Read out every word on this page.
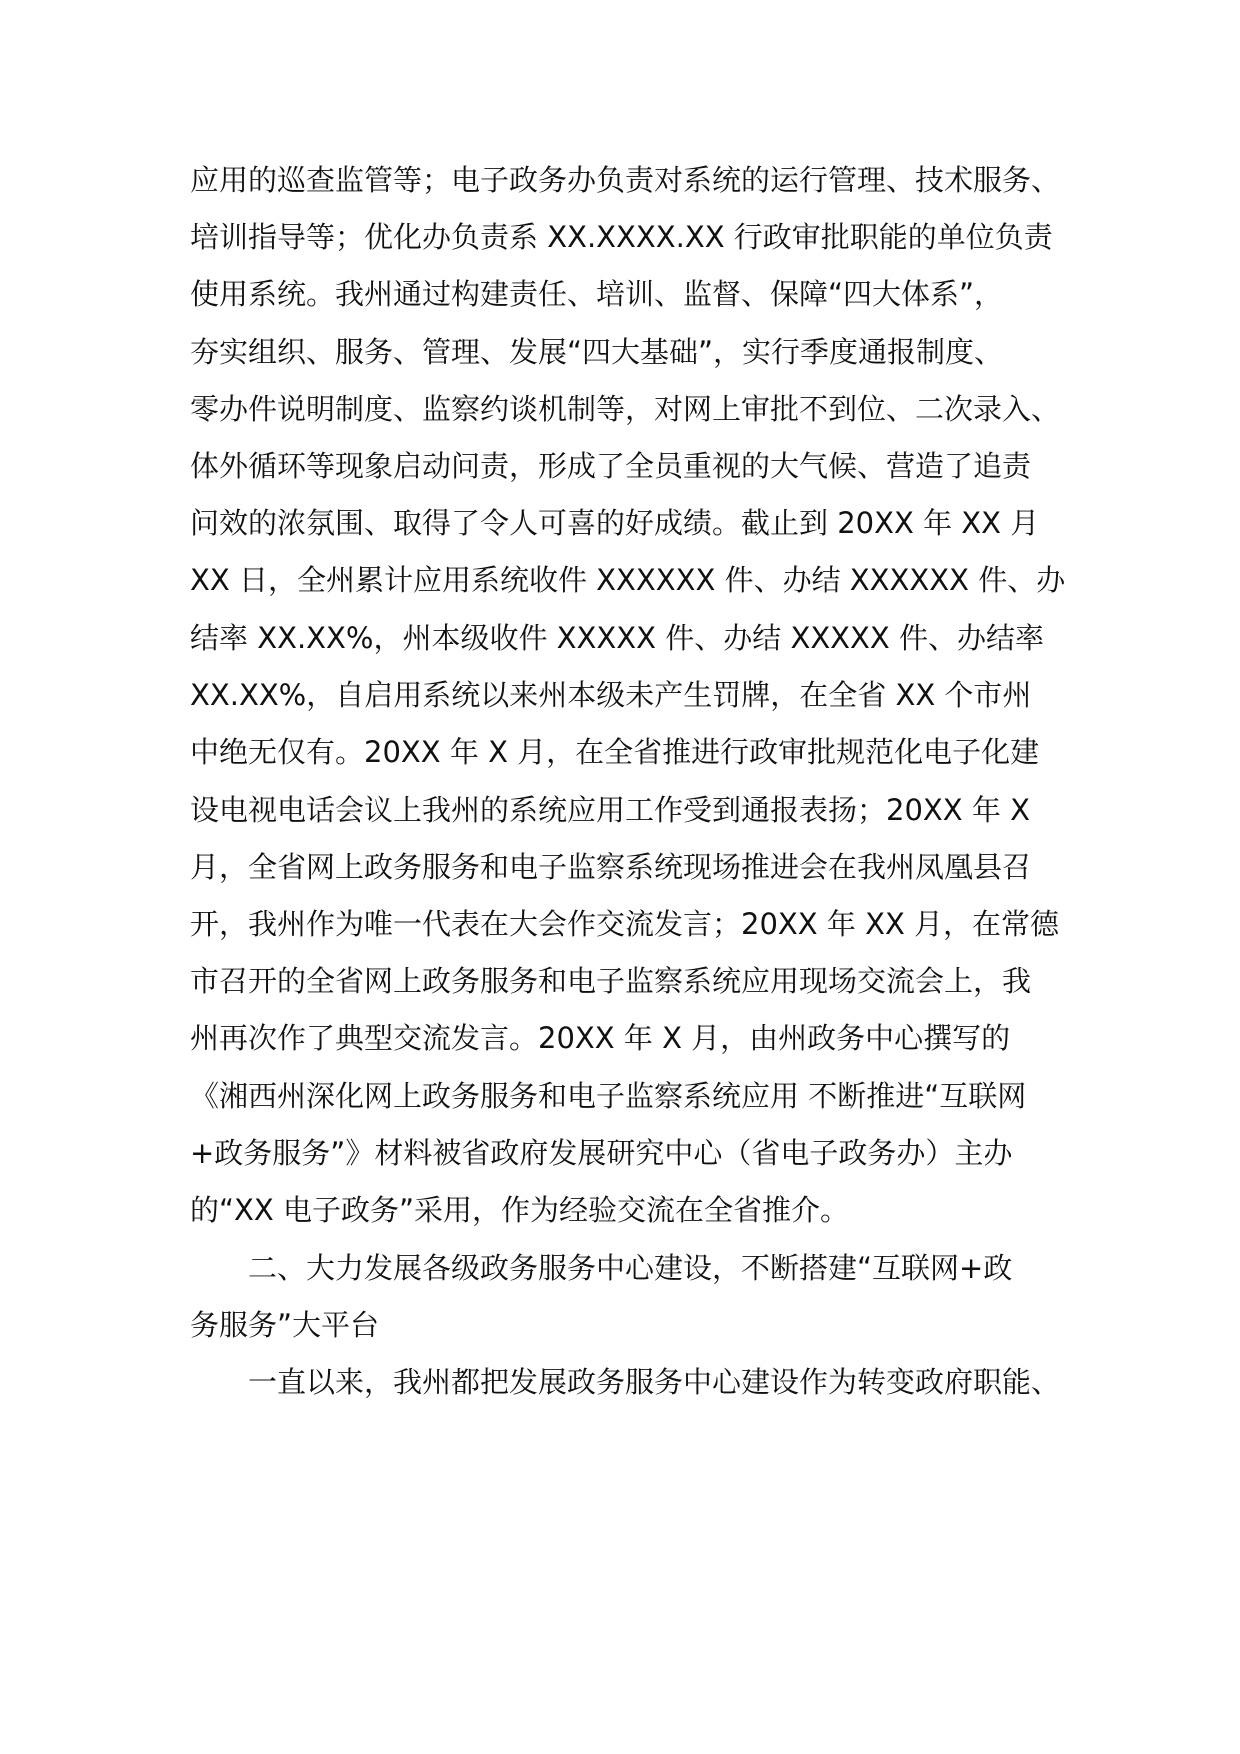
应用的巡查监管等；电子政务办负责对系统的运行管理、技术服务、
培训指导等；优化办负责系 XX.XXXX.XX 行政审批职能的单位负责
使用系统。我州通过构建责任、培训、监督、保障“四大体系”，
夯实组织、服务、管理、发展“四大基础”，实行季度通报制度、
零办件说明制度、监察约谈机制等，对网上审批不到位、二次录入、
体外循环等现象启动问责，形成了全员重视的大气候、营造了追责
问效的浓氛围、取得了令人可喜的好成绩。截止到 20XX 年 XX 月
XX 日，全州累计应用系统收件 XXXXXX 件、办结 XXXXXX 件、办
结率 XX.XX%，州本级收件 XXXXX 件、办结 XXXXX 件、办结率
XX.XX%，自启用系统以来州本级未产生罚牌，在全省 XX 个市州
中绝无仅有。20XX 年 X 月，在全省推进行政审批规范化电子化建
设电视电话会议上我州的系统应用工作受到通报表扬；20XX 年 X
月，全省网上政务服务和电子监察系统现场推进会在我州凤凰县召
开，我州作为唯一代表在大会作交流发言；20XX 年 XX 月，在常德
市召开的全省网上政务服务和电子监察系统应用现场交流会上，我
州再次作了典型交流发言。20XX 年 X 月，由州政务中心撰写的
《湘西州深化网上政务服务和电子监察系统应用 不断推进“互联网
+政务服务”》材料被省政府发展研究中心（省电子政务办）主办
的“XX 电子政务”采用，作为经验交流在全省推介。
二、大力发展各级政务服务中心建设，不断搭建“互联网+政
务服务”大平台
一直以来，我州都把发展政务服务中心建设作为转变政府职能、
